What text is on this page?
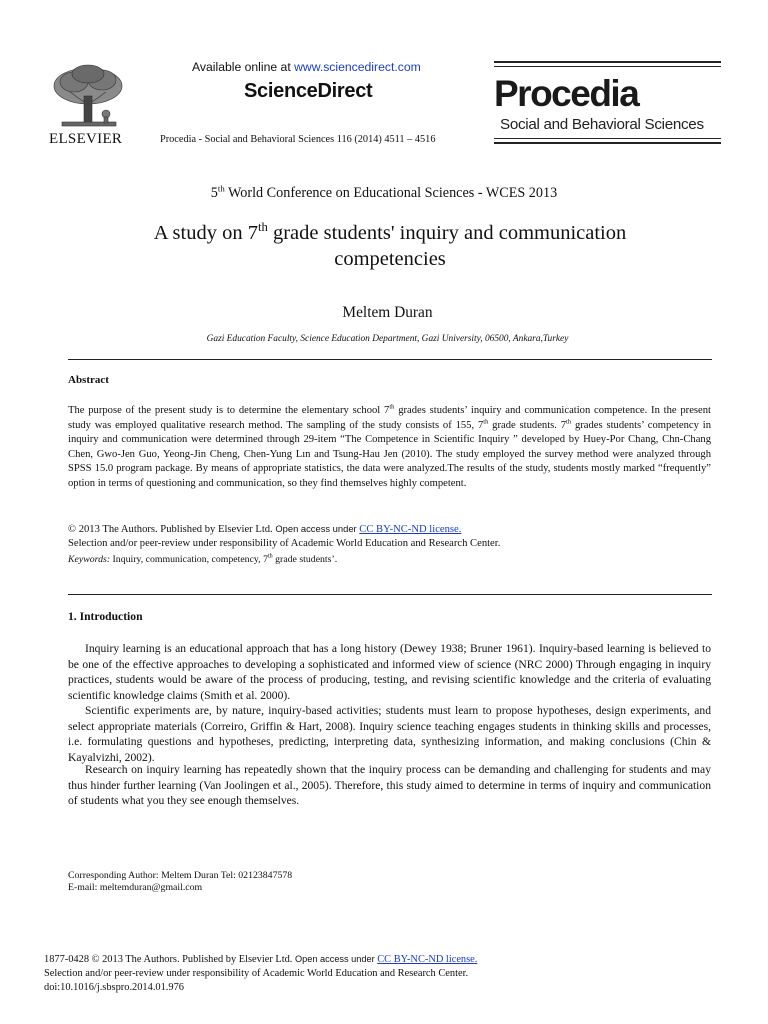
ELSEVIER
Available online at www.sciencedirect.com
ScienceDirect
Procedia - Social and Behavioral Sciences 116 (2014) 4511 – 4516
Procedia
Social and Behavioral Sciences
5th World Conference on Educational Sciences - WCES 2013
A study on 7th grade students' inquiry and communication
competencies
Meltem Duran
Gazi Education Faculty, Science Education Department, Gazi University, 06500, Ankara,Turkey
Abstract

The purpose of the present study is to determine the elementary school 7th grades students’ inquiry and communication competence. In the present study was employed qualitative research method. The sampling of the study consists of 155, 7th grade students. 7th grades students’ competency in inquiry and communication were determined through 29-item “The Competence in Scientific Inquiry ” developed by Huey-Por Chang, Chn-Chang Chen, Gwo-Jen Guo, Yeong-Jin Cheng, Chen-Yung Lın and Tsung-Hau Jen (2010). The study employed the survey method were analyzed through SPSS 15.0 program package. By means of appropriate statistics, the data were analyzed.The results of the study, students mostly marked “frequently” option in terms of questioning and communication, so they find themselves highly competent.

© 2013 The Authors. Published by Elsevier Ltd. Open access under CC BY-NC-ND license.
Selection and/or peer-review under responsibility of Academic World Education and Research Center.
Keywords: Inquiry, communication, competency, 7th grade students’.
1. Introduction

Inquiry learning is an educational approach that has a long history (Dewey 1938; Bruner 1961). Inquiry-based learning is believed to be one of the effective approaches to developing a sophisticated and informed view of science (NRC 2000) Through engaging in inquiry practices, students would be aware of the process of producing, testing, and revising scientific knowledge and the criteria of evaluating scientific knowledge claims (Smith et al. 2000).

Scientific experiments are, by nature, inquiry-based activities; students must learn to propose hypotheses, design experiments, and select appropriate materials (Correiro, Griffin & Hart, 2008). Inquiry science teaching engages students in thinking skills and processes, i.e. formulating questions and hypotheses, predicting, interpreting data, synthesizing information, and making conclusions (Chin & Kayalvizhi, 2002).

Research on inquiry learning has repeatedly shown that the inquiry process can be demanding and challenging for students and may thus hinder further learning (Van Joolingen et al., 2005). Therefore, this study aimed to determine in terms of inquiry and communication of students what you they see enough themselves.

Corresponding Author: Meltem Duran Tel: 02123847578
E-mail: meltemduran@gmail.com
1877-0428 © 2013 The Authors. Published by Elsevier Ltd. Open access under CC BY-NC-ND license.
Selection and/or peer-review under responsibility of Academic World Education and Research Center.
doi:10.1016/j.sbspro.2014.01.976
